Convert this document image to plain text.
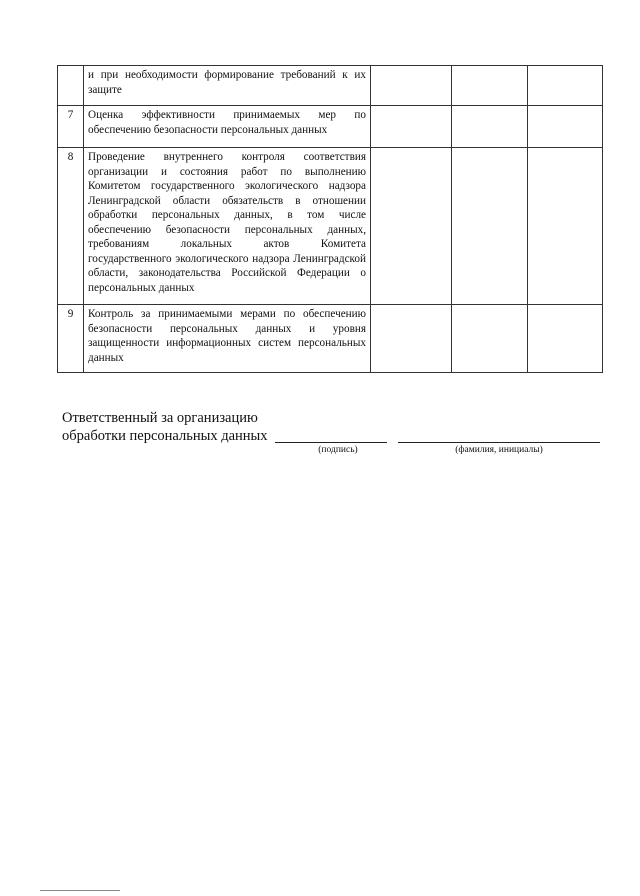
	и при необходимости формирование требований к их защите			
7	Оценка эффективности принимаемых мер по обеспечению безопасности персональных данных			
8	Проведение внутреннего контроля соответствия организации и состояния работ по выполнению Комитетом государственного экологического надзора Ленинградской области обязательств в отношении обработки персональных данных, в том числе обеспечению безопасности персональных данных, требованиям локальных актов Комитета государственного экологического надзора Ленинградской области, законодательства Российской Федерации о персональных данных			
9	Контроль за принимаемыми мерами по обеспечению безопасности персональных данных и уровня защищенности информационных систем персональных данных			
Ответственный за организацию
обработки персональных данных
(подпись)	(фамилия, инициалы)
